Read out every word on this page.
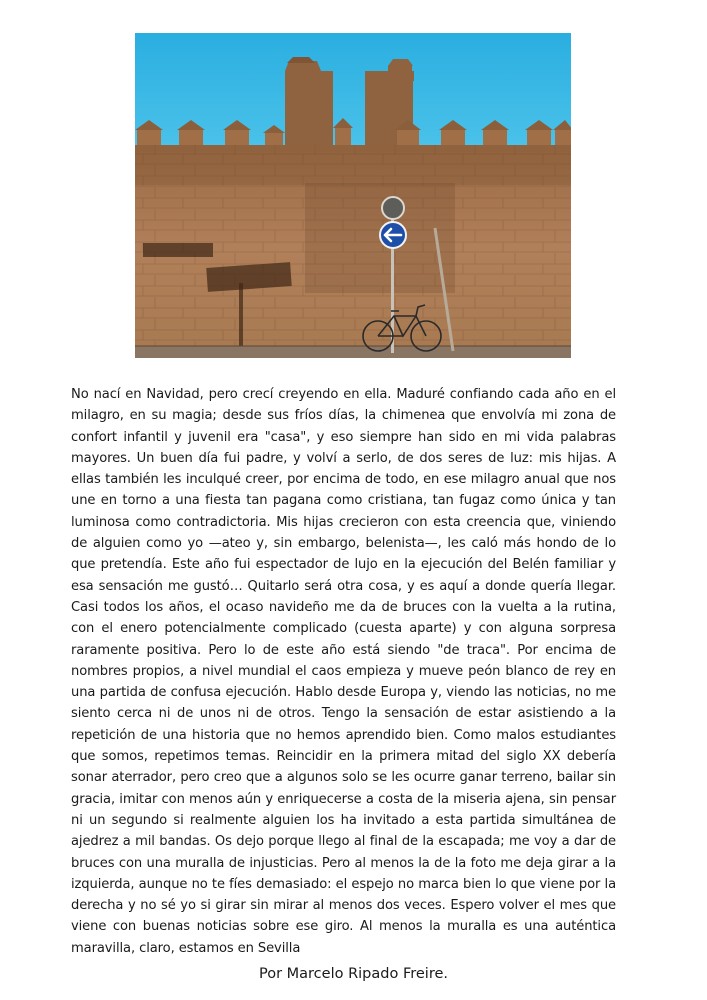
No nací en Navidad, pero crecí creyendo en ella. Maduré confiando cada año en el milagro, en su magia; desde sus fríos días, la chimenea que envolvía mi zona de confort infantil y juvenil era "casa", y eso siempre han sido en mi vida palabras mayores. Un buen día fui padre, y volví a serlo, de dos seres de luz: mis hijas. A ellas también les inculqué creer, por encima de todo, en ese milagro anual que nos une en torno a una fiesta tan pagana como cristiana, tan fugaz como única y tan luminosa como contradictoria. Mis hijas crecieron con esta creencia que, viniendo de alguien como yo —ateo y, sin embargo, belenista—, les caló más hondo de lo que pretendía. Este año fui espectador de lujo en la ejecución del Belén familiar y esa sensación me gustó… Quitarlo será otra cosa, y es aquí a donde quería llegar. Casi todos los años, el ocaso navideño me da de bruces con la vuelta a la rutina, con el enero potencialmente complicado (cuesta aparte) y con alguna sorpresa raramente positiva. Pero lo de este año está siendo "de traca". Por encima de nombres propios, a nivel mundial el caos empieza y mueve peón blanco de rey en una partida de confusa ejecución. Hablo desde Europa y, viendo las noticias, no me siento cerca ni de unos ni de otros. Tengo la sensación de estar asistiendo a la repetición de una historia que no hemos aprendido bien. Como malos estudiantes que somos, repetimos temas. Reincidir en la primera mitad del siglo XX debería sonar aterrador, pero creo que a algunos solo se les ocurre ganar terreno, bailar sin gracia, imitar con menos aún y enriquecerse a costa de la miseria ajena, sin pensar ni un segundo si realmente alguien los ha invitado a esta partida simultánea de ajedrez a mil bandas. Os dejo porque llego al final de la escapada; me voy a dar de bruces con una muralla de injusticias. Pero al menos la de la foto me deja girar a la izquierda, aunque no te fíes demasiado: el espejo no marca bien lo que viene por la derecha y no sé yo si girar sin mirar al menos dos veces. Espero volver el mes que viene con buenas noticias sobre ese giro. Al menos la muralla es una auténtica maravilla, claro, estamos en Sevilla

Por Marcelo Ripado Freire.
